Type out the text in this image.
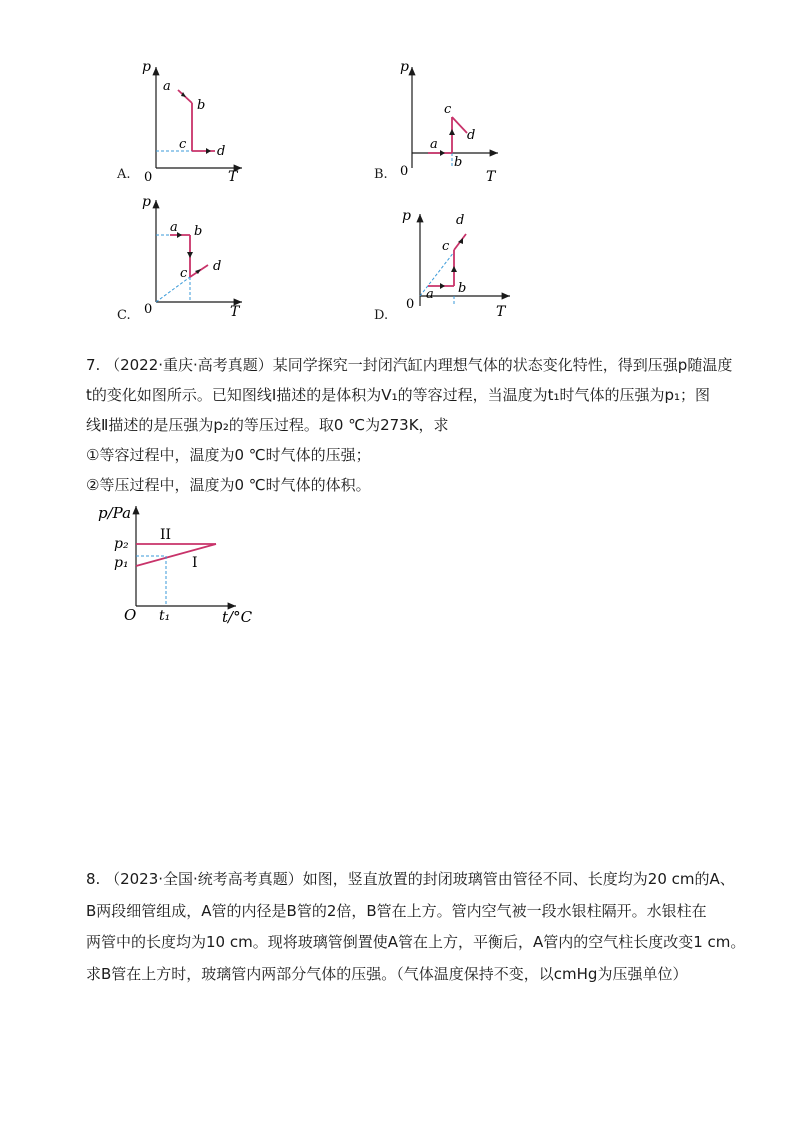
p
T
0
a
b
c d
A.
p
T
0
a
b
c
d
B.
p
T
0
a b
c d
C.
p
T
0
a b
c
d
D.
7. （2022·重庆·高考真题）某同学探究一封闭汽缸内理想气体的状态变化特性，得到压强p随温度
t的变化如图所示。已知图线Ⅰ描述的是体积为V₁的等容过程，当温度为t₁时气体的压强为p₁；图
线Ⅱ描述的是压强为p₂的等压过程。取0 ℃为273K，求
①等容过程中，温度为0 ℃时气体的压强；
②等压过程中，温度为0 ℃时气体的体积。
p/Pa
p₂
p₁
II
I
O t₁	t/°C
8. （2023·全国·统考高考真题）如图，竖直放置的封闭玻璃管由管径不同、长度均为20 cm的A、
B两段细管组成，A管的内径是B管的2倍，B管在上方。管内空气被一段水银柱隔开。水银柱在
两管中的长度均为10 cm。现将玻璃管倒置使A管在上方，平衡后，A管内的空气柱长度改变1 cm。
求B管在上方时，玻璃管内两部分气体的压强。（气体温度保持不变，以cmHg为压强单位）
